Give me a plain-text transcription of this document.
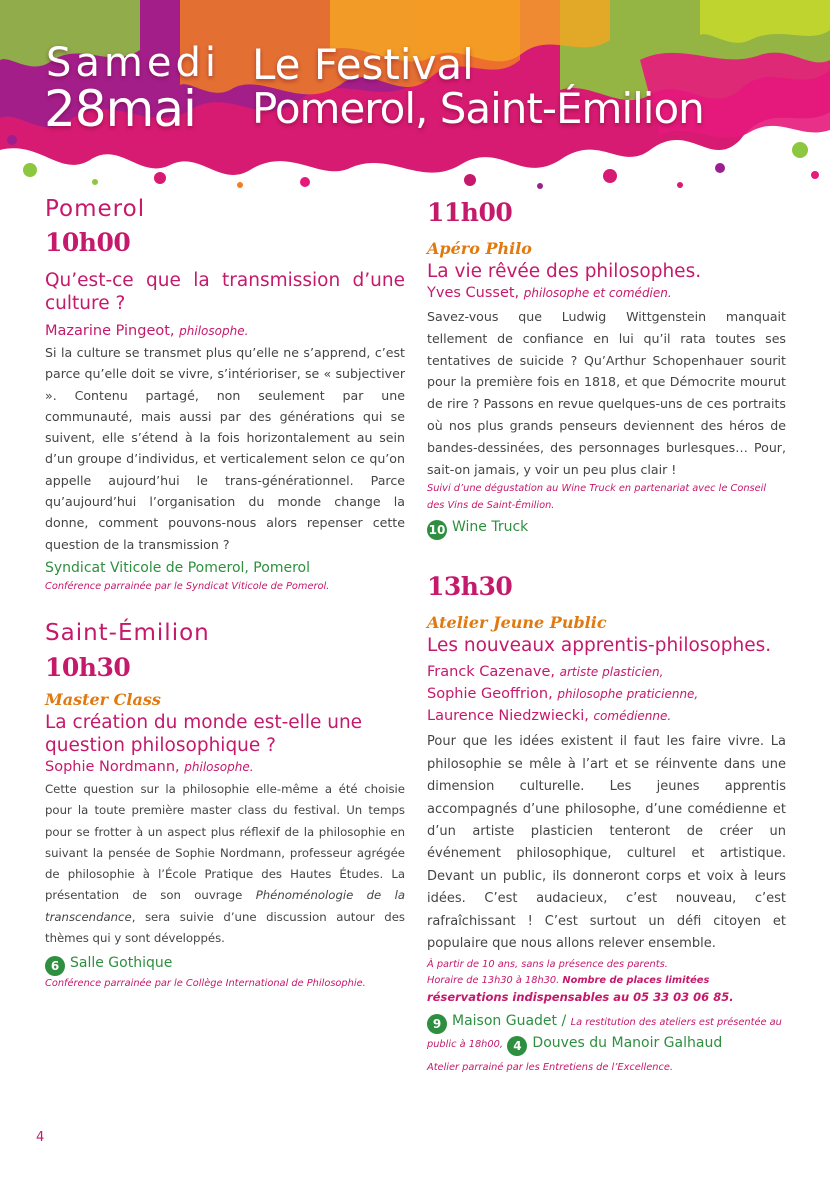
Samedi
28mai
Le Festival
Pomerol, Saint-Émilion
Pomerol
10h00
Qu’est-ce que la transmission d’une culture ?
Mazarine Pingeot, philosophe.

Si la culture se transmet plus qu’elle ne s’apprend, c’est parce qu’elle doit se vivre, s’intérioriser, se « subjectiver ». Contenu partagé, non seulement par une communauté, mais aussi par des générations qui se suivent, elle s’étend à la fois horizontalement au sein d’un groupe d’individus, et verticalement selon ce qu’on appelle aujourd’hui le trans-générationnel. Parce qu’aujourd’hui l’organisation du monde change la donne, comment pouvons-nous alors repenser cette question de la transmission ?

Syndicat Viticole de Pomerol, Pomerol
Conférence parrainée par le Syndicat Viticole de Pomerol.
Saint-Émilion
10h30
Master Class
La création du monde est-elle une question philosophique ?
Sophie Nordmann, philosophe.

Cette question sur la philosophie elle-même a été choisie pour la toute première master class du festival. Un temps pour se frotter à un aspect plus réflexif de la philosophie en suivant la pensée de Sophie Nordmann, professeur agrégée de philosophie à l’École Pratique des Hautes Études. La présentation de son ouvrage Phénoménologie de la transcendance, sera suivie d’une discussion autour des thèmes qui y sont développés.

6 Salle Gothique
Conférence parrainée par le Collège International de Philosophie.
11h00
Apéro Philo
La vie rêvée des philosophes.
Yves Cusset, philosophe et comédien.

Savez-vous que Ludwig Wittgenstein manquait tellement de confiance en lui qu’il rata toutes ses tentatives de suicide ? Qu’Arthur Schopenhauer sourit pour la première fois en 1818, et que Démocrite mourut de rire ? Passons en revue quelques-uns de ces portraits où nos plus grands penseurs deviennent des héros de bandes-dessinées, des personnages burlesques… Pour, sait-on jamais, y voir un peu plus clair !

Suivi d’une dégustation au Wine Truck en partenariat avec le Conseil des Vins de Saint-Émilion.
10 Wine Truck
13h30
Atelier Jeune Public
Les nouveaux apprentis-philosophes.
Franck Cazenave, artiste plasticien,
Sophie Geoffrion, philosophe praticienne,
Laurence Niedzwiecki, comédienne.

Pour que les idées existent il faut les faire vivre. La philosophie se mêle à l’art et se réinvente dans une dimension culturelle. Les jeunes apprentis accompagnés d’une philosophe, d’une comédienne et d’un artiste plasticien tenteront de créer un événement philosophique, culturel et artistique. Devant un public, ils donneront corps et voix à leurs idées. C’est audacieux, c’est nouveau, c’est rafraîchissant ! C’est surtout un défi citoyen et populaire que nous allons relever ensemble.

À partir de 10 ans, sans la présence des parents.
Horaire de 13h30 à 18h30. Nombre de places limitées
réservations indispensables au 05 33 03 06 85.
9 Maison Guadet / La restitution des ateliers est présentée au public à 18h00, 4 Douves du Manoir Galhaud
Atelier parrainé par les Entretiens de l’Excellence.
4
